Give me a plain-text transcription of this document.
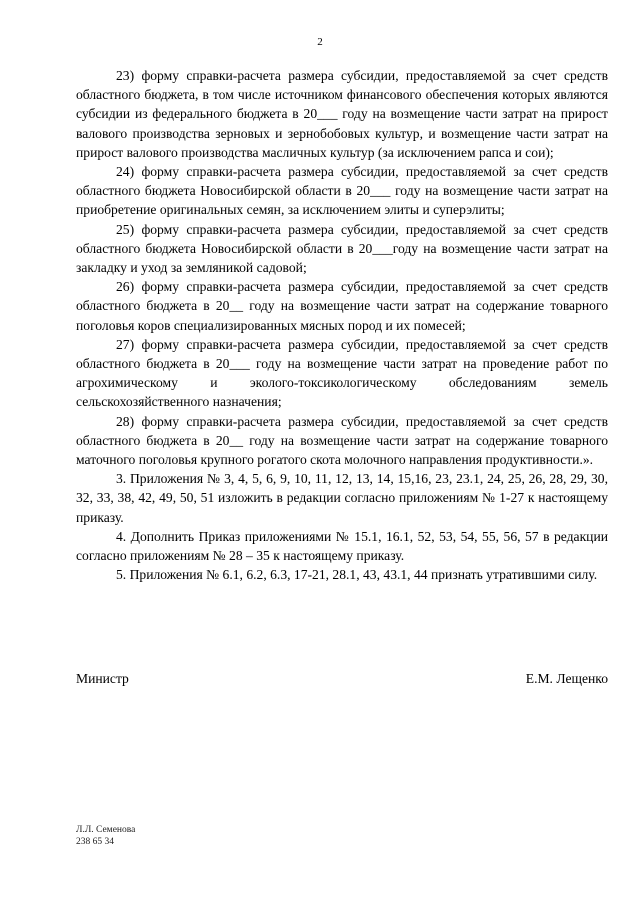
2

23) форму справки-расчета размера субсидии, предоставляемой за счет средств областного бюджета, в том числе источником финансового обеспечения которых являются субсидии из федерального бюджета в 20___ году на возмещение части затрат на прирост валового производства зерновых и зернобобовых культур, и возмещение части затрат на прирост валового производства масличных культур (за исключением рапса и сои);

24) форму справки-расчета размера субсидии, предоставляемой за счет средств областного бюджета Новосибирской области в 20___ году на возмещение части затрат на приобретение оригинальных семян, за исключением элиты и суперэлиты;

25) форму справки-расчета размера субсидии, предоставляемой за счет средств областного бюджета Новосибирской области в 20___году на возмещение части затрат на закладку и уход за земляникой садовой;

26) форму справки-расчета размера субсидии, предоставляемой за счет средств областного бюджета в 20__ году на возмещение части затрат на содержание товарного поголовья коров специализированных мясных пород и их помесей;

27) форму справки-расчета размера субсидии, предоставляемой за счет средств областного бюджета в 20___ году на возмещение части затрат на проведение работ по агрохимическому и эколого-токсикологическому обследованиям земель сельскохозяйственного назначения;

28) форму справки-расчета размера субсидии, предоставляемой за счет средств областного бюджета в 20__ году на возмещение части затрат на содержание товарного маточного поголовья крупного рогатого скота молочного направления продуктивности.».

3. Приложения № 3, 4, 5, 6, 9, 10, 11, 12, 13, 14, 15,16, 23, 23.1, 24, 25, 26, 28, 29, 30, 32, 33, 38, 42, 49, 50, 51 изложить в редакции согласно приложениям № 1-27 к настоящему приказу.

4. Дополнить Приказ приложениями № 15.1, 16.1, 52, 53, 54, 55, 56, 57 в редакции согласно приложениям № 28 – 35 к настоящему приказу.

5. Приложения № 6.1, 6.2, 6.3, 17-21, 28.1, 43, 43.1, 44 признать утратившими силу.

Министр	Е.М. Лещенко
Л.Л. Семенова
238 65 34
